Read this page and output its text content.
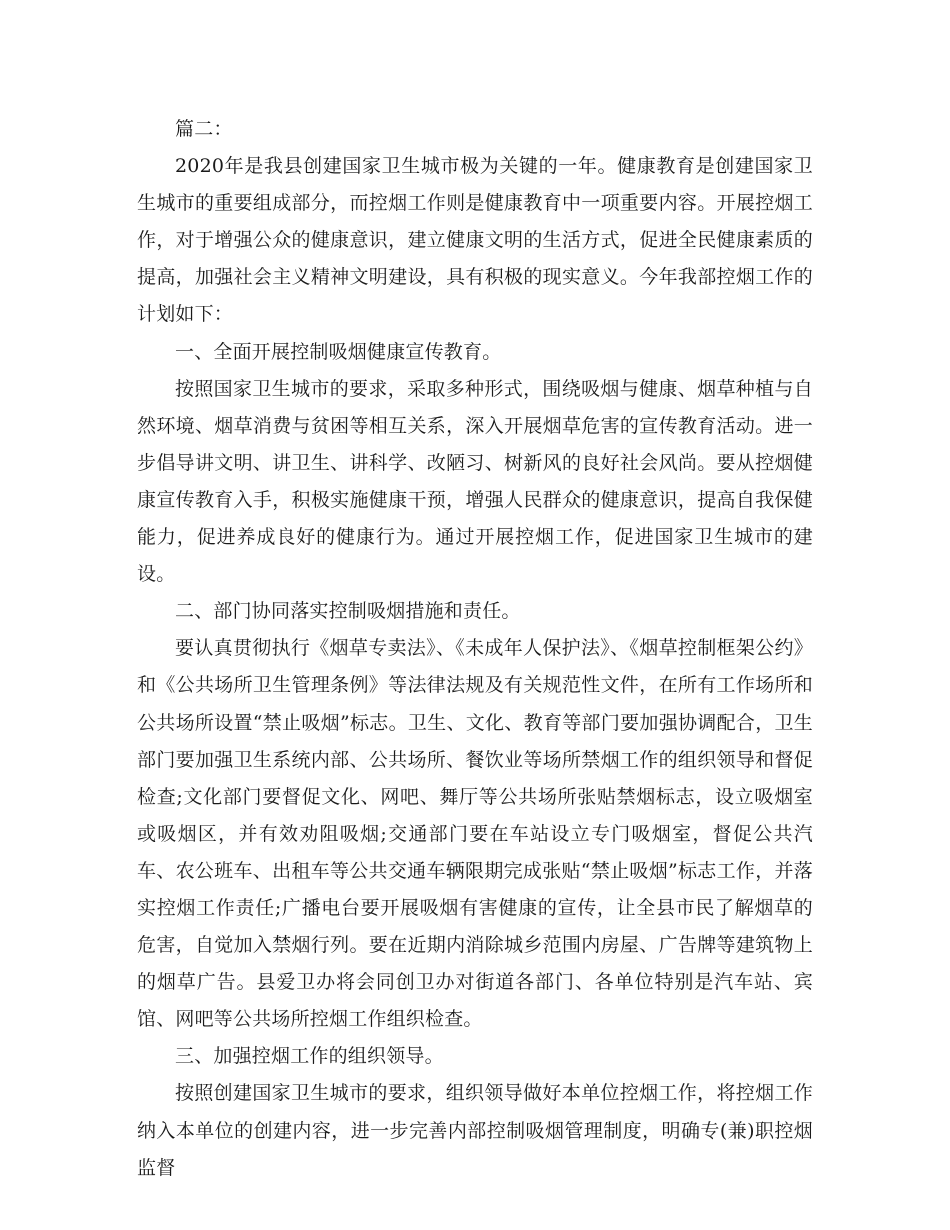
篇二：

2020年是我县创建国家卫生城市极为关键的一年。健康教育是创建国家卫生城市的重要组成部分，而控烟工作则是健康教育中一项重要内容。开展控烟工作，对于增强公众的健康意识，建立健康文明的生活方式，促进全民健康素质的提高，加强社会主义精神文明建设，具有积极的现实意义。今年我部控烟工作的计划如下：

一、全面开展控制吸烟健康宣传教育。

按照国家卫生城市的要求，采取多种形式，围绕吸烟与健康、烟草种植与自然环境、烟草消费与贫困等相互关系，深入开展烟草危害的宣传教育活动。进一步倡导讲文明、讲卫生、讲科学、改陋习、树新风的良好社会风尚。要从控烟健康宣传教育入手，积极实施健康干预，增强人民群众的健康意识，提高自我保健能力，促进养成良好的健康行为。通过开展控烟工作，促进国家卫生城市的建设。

二、部门协同落实控制吸烟措施和责任。

要认真贯彻执行《烟草专卖法》、《未成年人保护法》、《烟草控制框架公约》和《公共场所卫生管理条例》等法律法规及有关规范性文件，在所有工作场所和公共场所设置“禁止吸烟”标志。卫生、文化、教育等部门要加强协调配合，卫生部门要加强卫生系统内部、公共场所、餐饮业等场所禁烟工作的组织领导和督促检查;文化部门要督促文化、网吧、舞厅等公共场所张贴禁烟标志，设立吸烟室或吸烟区，并有效劝阻吸烟;交通部门要在车站设立专门吸烟室，督促公共汽车、农公班车、出租车等公共交通车辆限期完成张贴“禁止吸烟”标志工作，并落实控烟工作责任;广播电台要开展吸烟有害健康的宣传，让全县市民了解烟草的危害，自觉加入禁烟行列。要在近期内消除城乡范围内房屋、广告牌等建筑物上的烟草广告。县爱卫办将会同创卫办对街道各部门、各单位特别是汽车站、宾馆、网吧等公共场所控烟工作组织检查。

三、加强控烟工作的组织领导。

按照创建国家卫生城市的要求，组织领导做好本单位控烟工作，将控烟工作纳入本单位的创建内容，进一步完善内部控制吸烟管理制度，明确专(兼)职控烟监督
